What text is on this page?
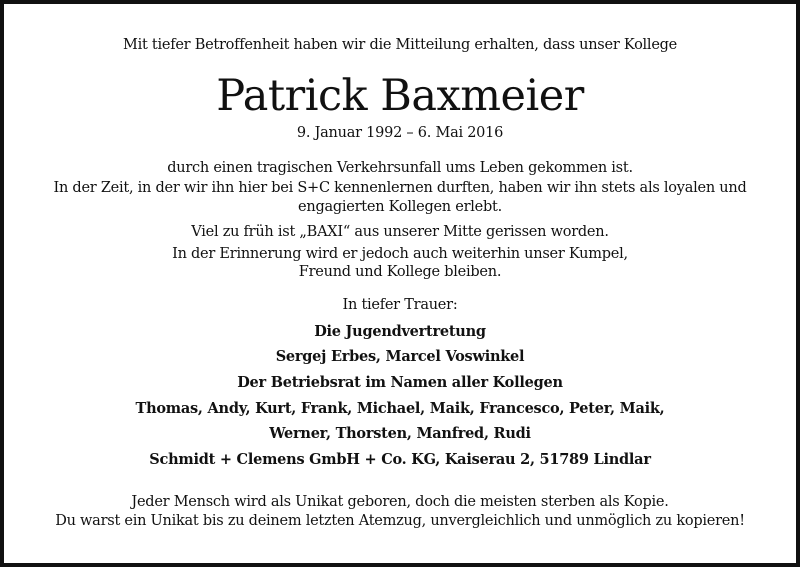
Mit tiefer Betroffenheit haben wir die Mitteilung erhalten, dass unser Kollege
Patrick Baxmeier
9. Januar 1992 – 6. Mai 2016
durch einen tragischen Verkehrsunfall ums Leben gekommen ist.
In der Zeit, in der wir ihn hier bei S+C kennenlernen durften, haben wir ihn stets als loyalen und
engagierten Kollegen erlebt.
Viel zu früh ist „BAXI“ aus unserer Mitte gerissen worden.
In der Erinnerung wird er jedoch auch weiterhin unser Kumpel,
Freund und Kollege bleiben.
In tiefer Trauer:
Die Jugendvertretung
Sergej Erbes, Marcel Voswinkel
Der Betriebsrat im Namen aller Kollegen
Thomas, Andy, Kurt, Frank, Michael, Maik, Francesco, Peter, Maik,
Werner, Thorsten, Manfred, Rudi
Schmidt + Clemens GmbH + Co. KG, Kaiserau 2, 51789 Lindlar
Jeder Mensch wird als Unikat geboren, doch die meisten sterben als Kopie.
Du warst ein Unikat bis zu deinem letzten Atemzug, unvergleichlich und unmöglich zu kopieren!
